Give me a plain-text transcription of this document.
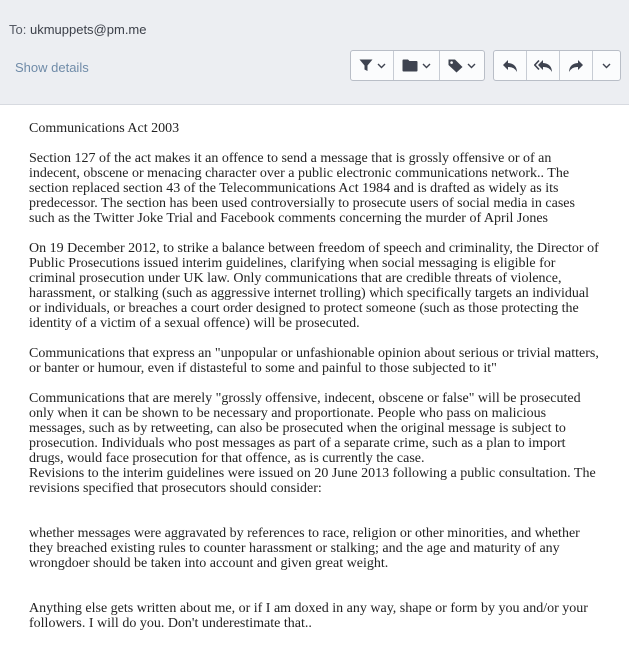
To: ukmuppets@pm.me
Show details

Communications Act 2003

Section 127 of the act makes it an offence to send a message that is grossly offensive or of an indecent, obscene or menacing character over a public electronic communications network.. The section replaced section 43 of the Telecommunications Act 1984 and is drafted as widely as its predecessor. The section has been used controversially to prosecute users of social media in cases such as the Twitter Joke Trial and Facebook comments concerning the murder of April Jones

On 19 December 2012, to strike a balance between freedom of speech and criminality, the Director of Public Prosecutions issued interim guidelines, clarifying when social messaging is eligible for criminal prosecution under UK law. Only communications that are credible threats of violence, harassment, or stalking (such as aggressive internet trolling) which specifically targets an individual or individuals, or breaches a court order designed to protect someone (such as those protecting the identity of a victim of a sexual offence) will be prosecuted.

Communications that express an "unpopular or unfashionable opinion about serious or trivial matters, or banter or humour, even if distasteful to some and painful to those subjected to it"

Communications that are merely "grossly offensive, indecent, obscene or false" will be prosecuted only when it can be shown to be necessary and proportionate. People who pass on malicious messages, such as by retweeting, can also be prosecuted when the original message is subject to prosecution. Individuals who post messages as part of a separate crime, such as a plan to import drugs, would face prosecution for that offence, as is currently the case.

Revisions to the interim guidelines were issued on 20 June 2013 following a public consultation. The revisions specified that prosecutors should consider:

whether messages were aggravated by references to race, religion or other minorities, and whether they breached existing rules to counter harassment or stalking; and the age and maturity of any wrongdoer should be taken into account and given great weight.

Anything else gets written about me, or if I am doxed in any way, shape or form by you and/or your followers. I will do you. Don't underestimate that..
